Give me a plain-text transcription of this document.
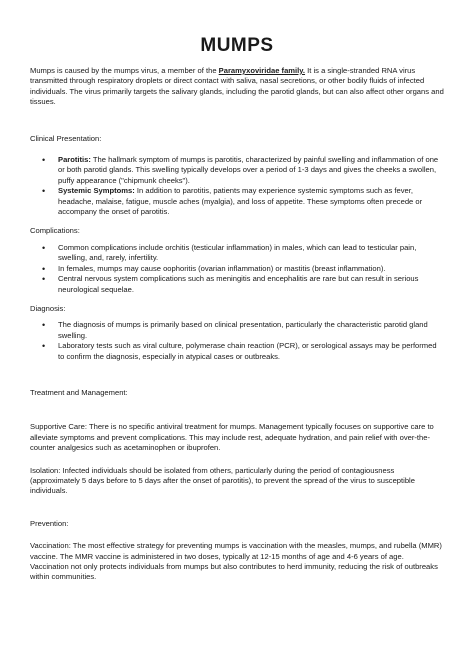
MUMPS

Mumps is caused by the mumps virus, a member of the Paramyxoviridae family. It is a single-stranded RNA virus transmitted through respiratory droplets or direct contact with saliva, nasal secretions, or other bodily fluids of infected individuals. The virus primarily targets the salivary glands, including the parotid glands, but can also affect other organs and tissues.

Clinical Presentation:

• Parotitis: The hallmark symptom of mumps is parotitis, characterized by painful swelling and inflammation of one or both parotid glands. This swelling typically develops over a period of 1-3 days and gives the cheeks a swollen, puffy appearance ("chipmunk cheeks").
• Systemic Symptoms: In addition to parotitis, patients may experience systemic symptoms such as fever, headache, malaise, fatigue, muscle aches (myalgia), and loss of appetite. These symptoms often precede or accompany the onset of parotitis.

Complications:

• Common complications include orchitis (testicular inflammation) in males, which can lead to testicular pain, swelling, and, rarely, infertility.
• In females, mumps may cause oophoritis (ovarian inflammation) or mastitis (breast inflammation).
• Central nervous system complications such as meningitis and encephalitis are rare but can result in serious neurological sequelae.

Diagnosis:

• The diagnosis of mumps is primarily based on clinical presentation, particularly the characteristic parotid gland swelling.
• Laboratory tests such as viral culture, polymerase chain reaction (PCR), or serological assays may be performed to confirm the diagnosis, especially in atypical cases or outbreaks.

Treatment and Management:

Supportive Care: There is no specific antiviral treatment for mumps. Management typically focuses on supportive care to alleviate symptoms and prevent complications. This may include rest, adequate hydration, and pain relief with over-the-counter analgesics such as acetaminophen or ibuprofen.

Isolation: Infected individuals should be isolated from others, particularly during the period of contagiousness (approximately 5 days before to 5 days after the onset of parotitis), to prevent the spread of the virus to susceptible individuals.

Prevention:

Vaccination: The most effective strategy for preventing mumps is vaccination with the measles, mumps, and rubella (MMR) vaccine. The MMR vaccine is administered in two doses, typically at 12-15 months of age and 4-6 years of age. Vaccination not only protects individuals from mumps but also contributes to herd immunity, reducing the risk of outbreaks within communities.
